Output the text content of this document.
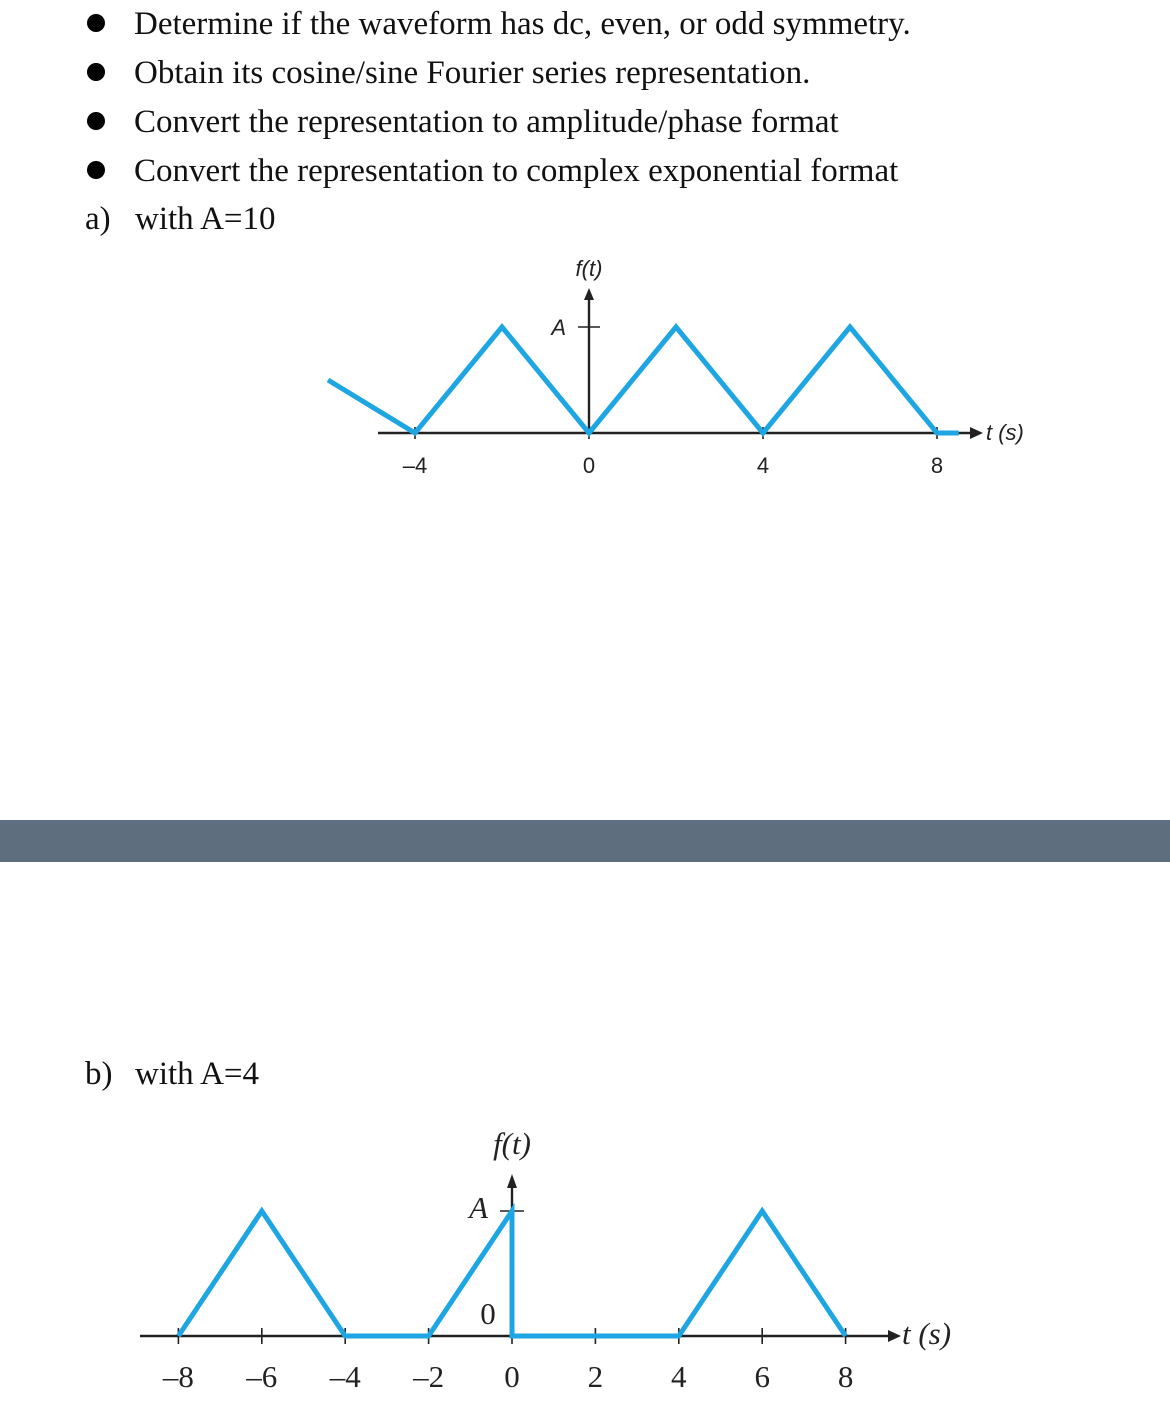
Determine if the waveform has dc, even, or odd symmetry.
Obtain its cosine/sine Fourier series representation.
Convert the representation to amplitude/phase format
Convert the representation to complex exponential format
a) with A=10
A
f(t)
t (s)
–4	0	4	8
b) with A=4
A
0
f(t)
t (s)
–8 –6 –4 –2 0 2 4 6 8
